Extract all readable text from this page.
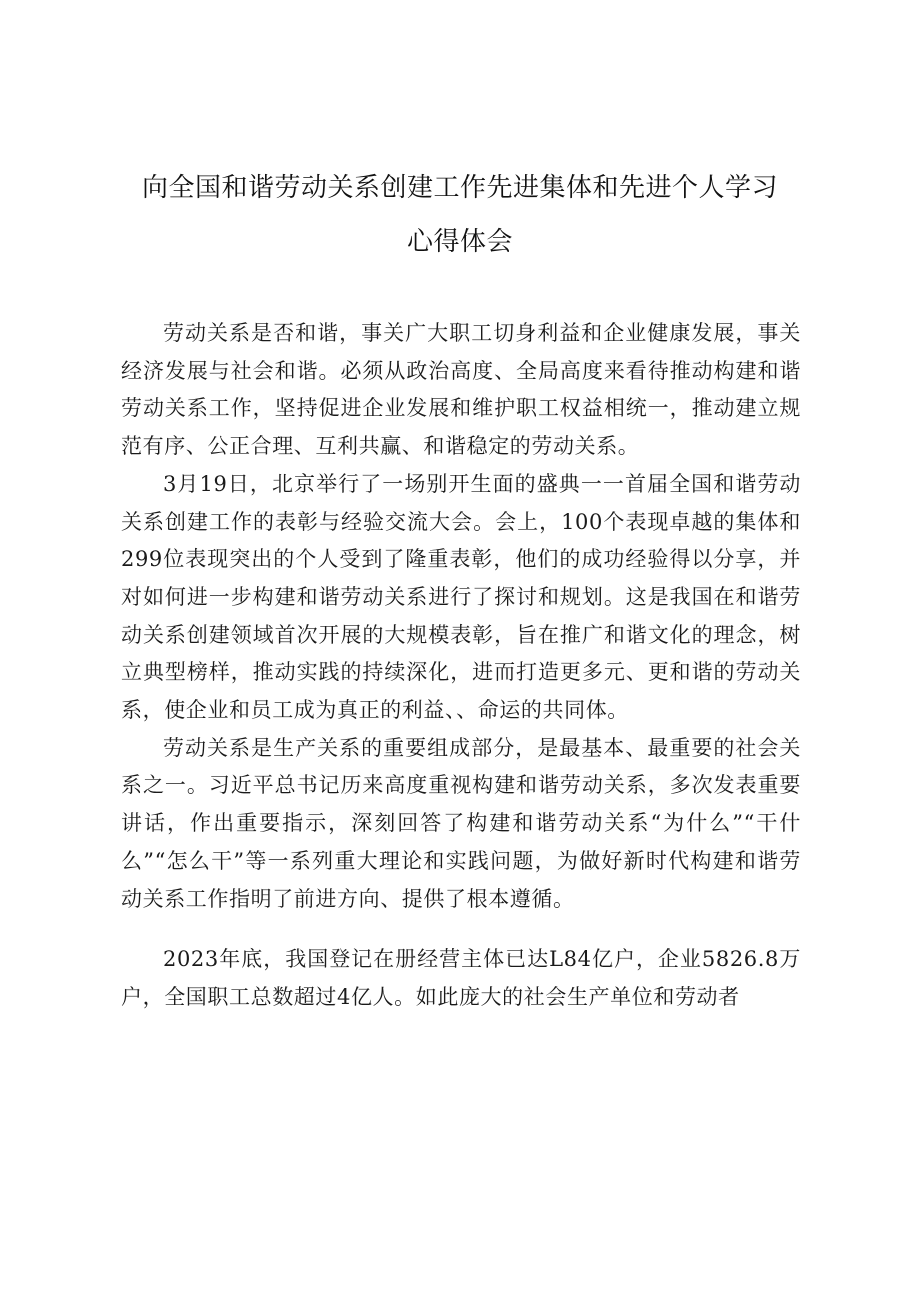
向全国和谐劳动关系创建工作先进集体和先进个人学习
心得体会

劳动关系是否和谐，事关广大职工切身利益和企业健康发展，事关经济发展与社会和谐。必须从政治高度、全局高度来看待推动构建和谐劳动关系工作，坚持促进企业发展和维护职工权益相统一，推动建立规范有序、公正合理、互利共赢、和谐稳定的劳动关系。

3月19日，北京举行了一场别开生面的盛典一一首届全国和谐劳动关系创建工作的表彰与经验交流大会。会上，100个表现卓越的集体和299位表现突出的个人受到了隆重表彰，他们的成功经验得以分享，并对如何进一步构建和谐劳动关系进行了探讨和规划。这是我国在和谐劳动关系创建领域首次开展的大规模表彰，旨在推广和谐文化的理念，树立典型榜样，推动实践的持续深化，进而打造更多元、更和谐的劳动关系，使企业和员工成为真正的利益、、命运的共同体。

劳动关系是生产关系的重要组成部分，是最基本、最重要的社会关系之一。习近平总书记历来高度重视构建和谐劳动关系，多次发表重要讲话，作出重要指示，深刻回答了构建和谐劳动关系“为什么”“干什么”“怎么干”等一系列重大理论和实践问题，为做好新时代构建和谐劳动关系工作指明了前进方向、提供了根本遵循。

2023年底，我国登记在册经营主体已达L84亿户，企业5826.8万户，全国职工总数超过4亿人。如此庞大的社会生产单位和劳动者
